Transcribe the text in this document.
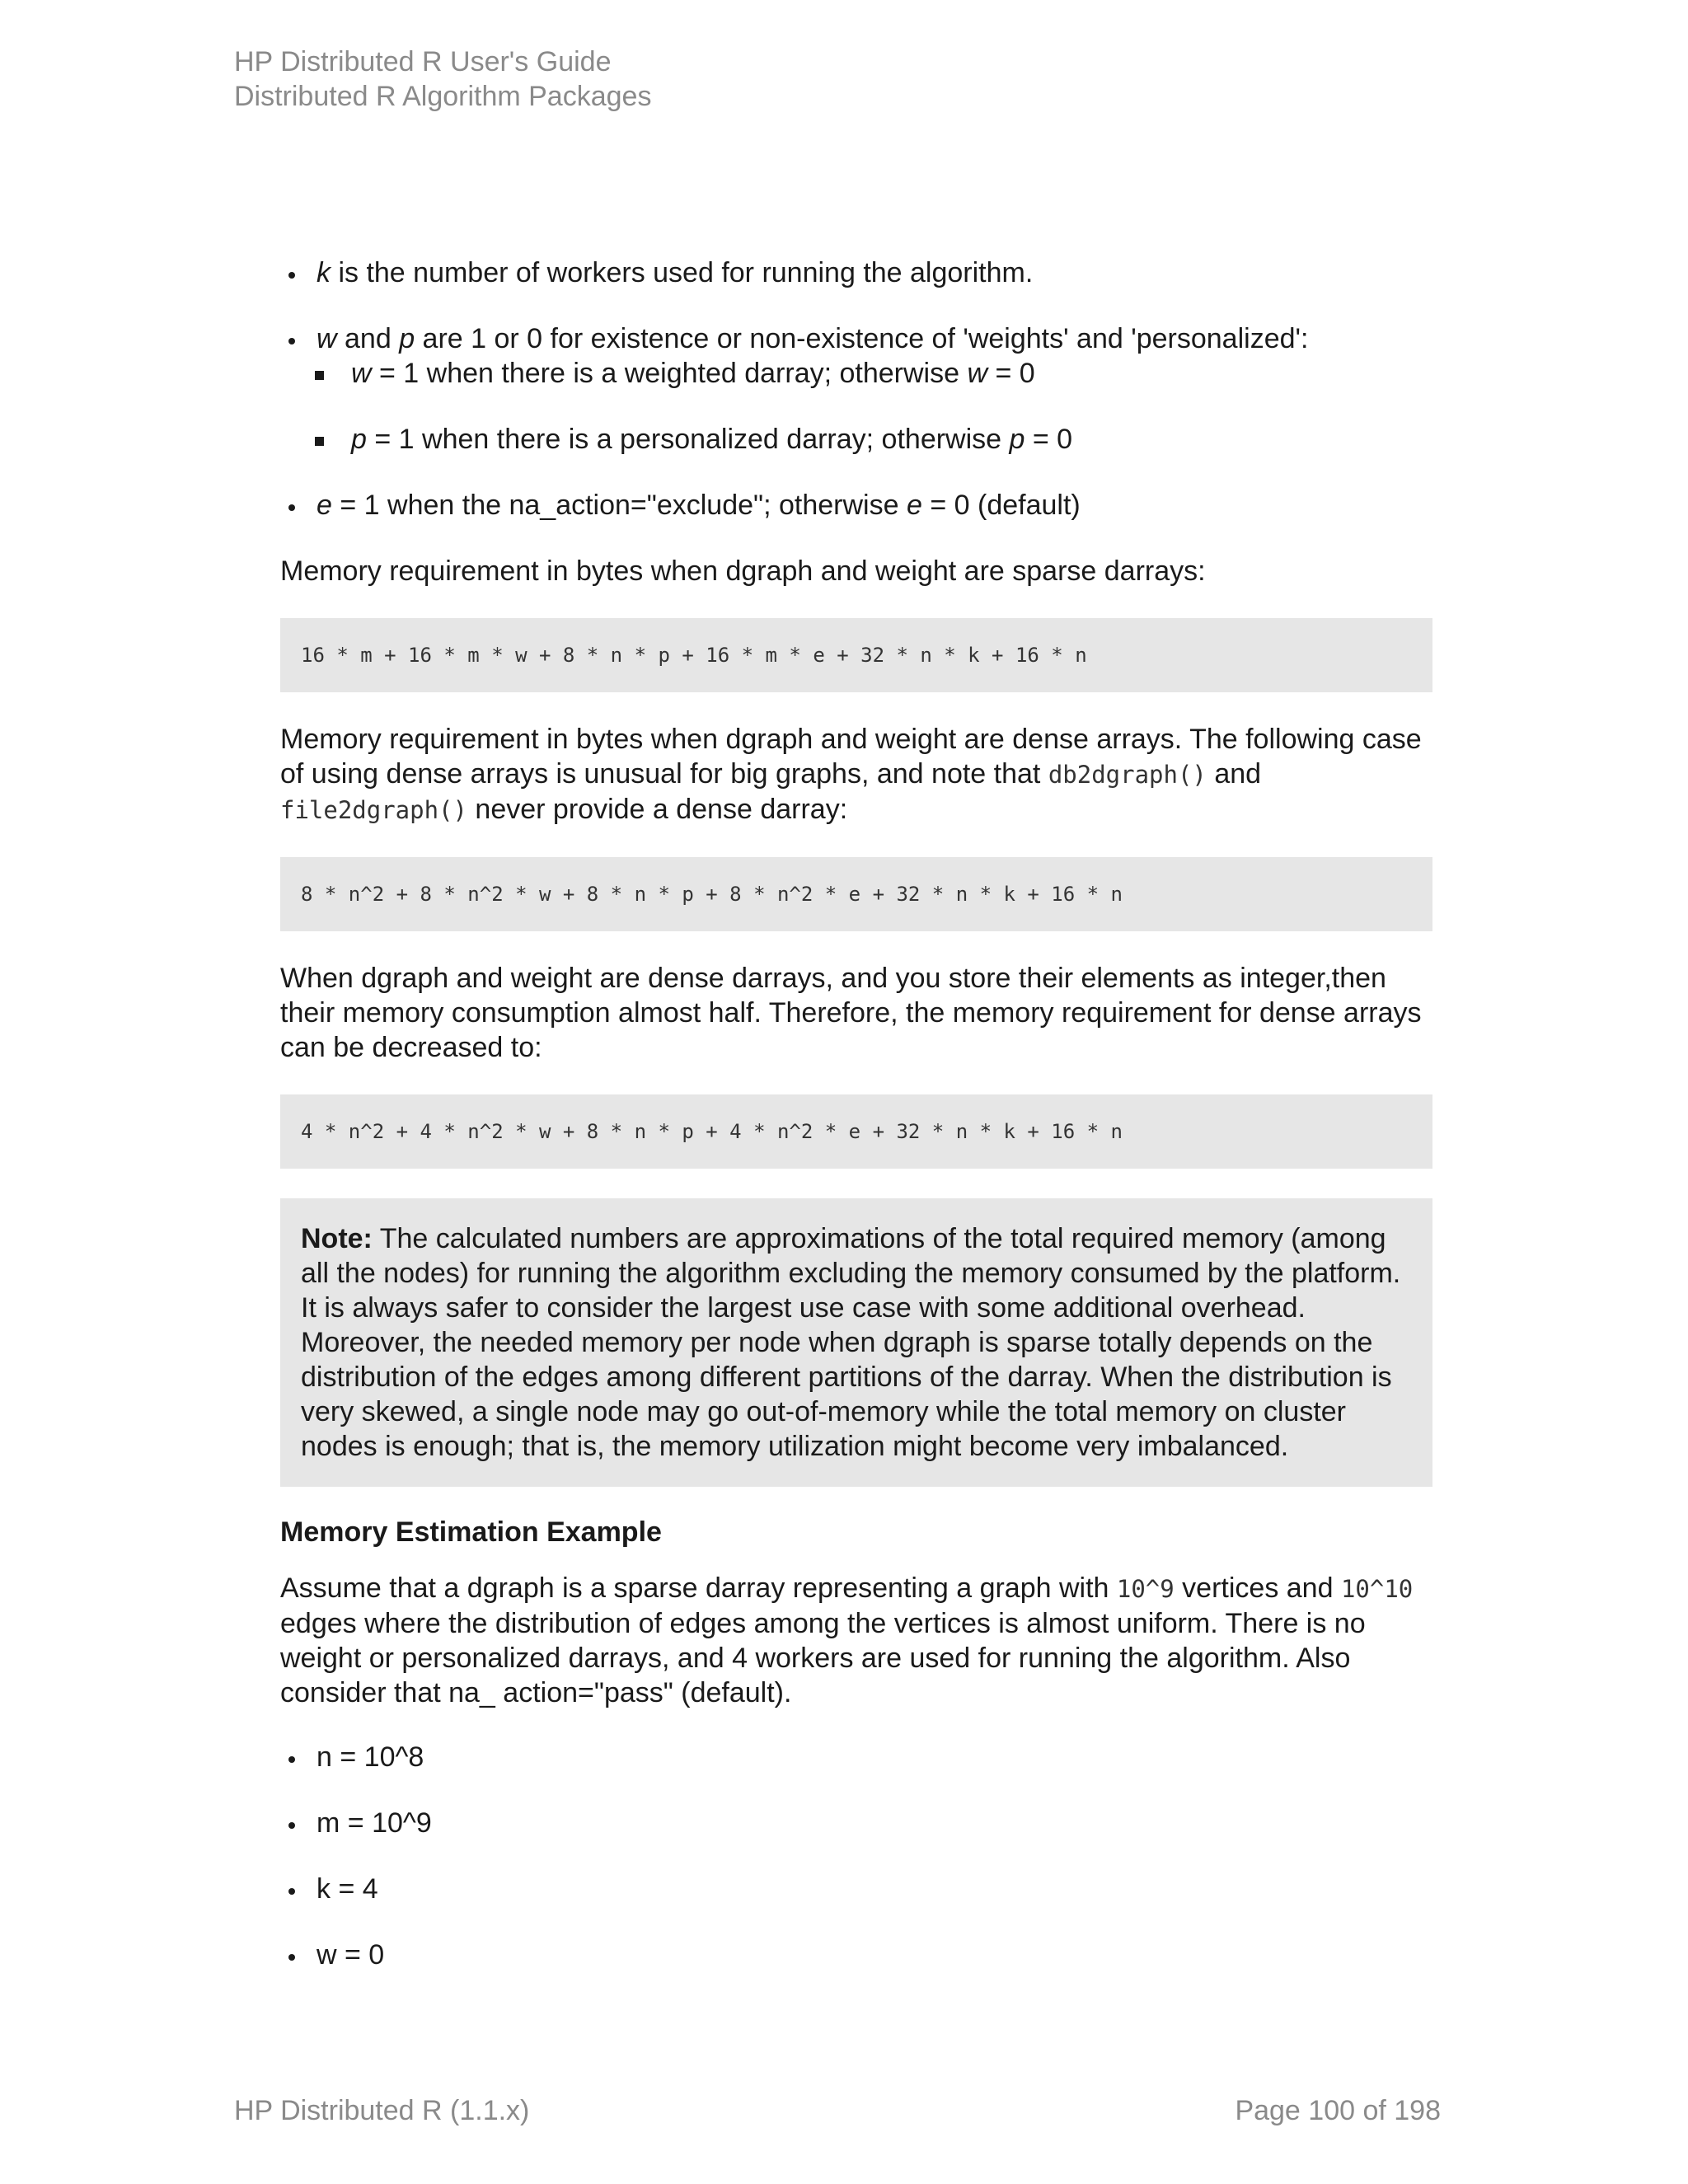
HP Distributed R User's Guide
Distributed R Algorithm Packages
k is the number of workers used for running the algorithm.
w and p are 1 or 0 for existence or non-existence of 'weights' and 'personalized':
w = 1 when there is a weighted darray; otherwise w = 0
p = 1 when there is a personalized darray; otherwise p = 0
e = 1 when the na_action="exclude"; otherwise e = 0 (default)

Memory requirement in bytes when dgraph and weight are sparse darrays:

16 * m + 16 * m * w + 8 * n * p + 16 * m * e + 32 * n * k + 16 * n

Memory requirement in bytes when dgraph and weight are dense arrays. The following case of using dense arrays is unusual for big graphs, and note that db2dgraph() and file2dgraph() never provide a dense darray:

8 * n^2 + 8 * n^2 * w + 8 * n * p + 8 * n^2 * e + 32 * n * k + 16 * n

When dgraph and weight are dense darrays, and you store their elements as integer,then their memory consumption almost half. Therefore, the memory requirement for dense arrays can be decreased to:

4 * n^2 + 4 * n^2 * w + 8 * n * p + 4 * n^2 * e + 32 * n * k + 16 * n
Note: The calculated numbers are approximations of the total required memory (among all the nodes) for running the algorithm excluding the memory consumed by the platform. It is always safer to consider the largest use case with some additional overhead. Moreover, the needed memory per node when dgraph is sparse totally depends on the distribution of the edges among different partitions of the darray. When the distribution is very skewed, a single node may go out-of-memory while the total memory on cluster nodes is enough; that is, the memory utilization might become very imbalanced.
Memory Estimation Example

Assume that a dgraph is a sparse darray representing a graph with 10^9 vertices and 10^10 edges where the distribution of edges among the vertices is almost uniform. There is no weight or personalized darrays, and 4 workers are used for running the algorithm. Also consider that na_ action="pass" (default).

n = 10^8
m = 10^9
k = 4
w = 0
HP Distributed R (1.1.x)	Page 100 of 198
